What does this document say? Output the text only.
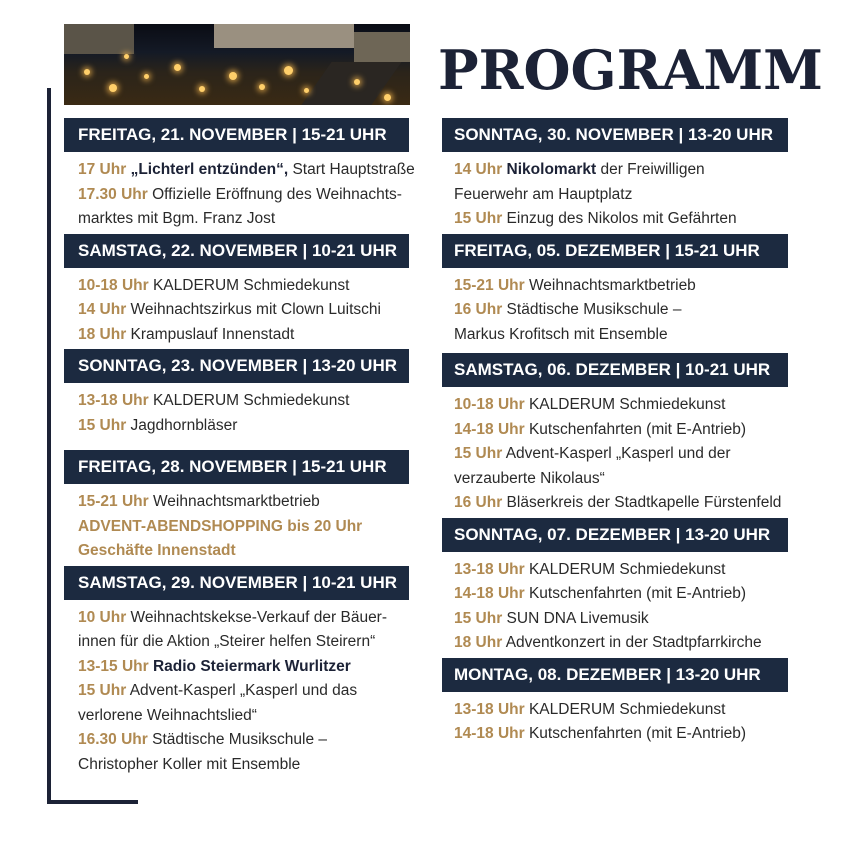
PROGRAMM
FREITAG, 21. NOVEMBER | 15-21 UHR
17 Uhr „Lichterl entzünden“, Start Hauptstraße
17.30 Uhr Offizielle Eröffnung des Weihnachts-
marktes mit Bgm. Franz Jost
SAMSTAG, 22. NOVEMBER | 10-21 UHR
10-18 Uhr KALDERUM Schmiedekunst
14 Uhr Weihnachtszirkus mit Clown Luitschi
18 Uhr Krampuslauf Innenstadt
SONNTAG, 23. NOVEMBER | 13-20 UHR
13-18 Uhr KALDERUM Schmiedekunst
15 Uhr Jagdhornbläser
FREITAG, 28. NOVEMBER | 15-21 UHR
15-21 Uhr Weihnachtsmarktbetrieb
ADVENT-ABENDSHOPPING bis 20 Uhr
Geschäfte Innenstadt
SAMSTAG, 29. NOVEMBER | 10-21 UHR
10 Uhr Weihnachtskekse-Verkauf der Bäuer-
innen für die Aktion „Steirer helfen Steirern“
13-15 Uhr Radio Steiermark Wurlitzer
15 Uhr Advent-Kasperl „Kasperl und das
verlorene Weihnachtslied“
16.30 Uhr Städtische Musikschule –
Christopher Koller mit Ensemble
SONNTAG, 30. NOVEMBER | 13-20 UHR
14 Uhr Nikolomarkt der Freiwilligen
Feuerwehr am Hauptplatz
15 Uhr Einzug des Nikolos mit Gefährten
FREITAG, 05. DEZEMBER | 15-21 UHR
15-21 Uhr Weihnachtsmarktbetrieb
16 Uhr Städtische Musikschule –
Markus Krofitsch mit Ensemble
SAMSTAG, 06. DEZEMBER | 10-21 UHR
10-18 Uhr KALDERUM Schmiedekunst
14-18 Uhr Kutschenfahrten (mit E-Antrieb)
15 Uhr Advent-Kasperl „Kasperl und der
verzauberte Nikolaus“
16 Uhr Bläserkreis der Stadtkapelle Fürstenfeld
SONNTAG, 07. DEZEMBER | 13-20 UHR
13-18 Uhr KALDERUM Schmiedekunst
14-18 Uhr Kutschenfahrten (mit E-Antrieb)
15 Uhr SUN DNA Livemusik
18 Uhr Adventkonzert in der Stadtpfarrkirche
MONTAG, 08. DEZEMBER | 13-20 UHR
13-18 Uhr KALDERUM Schmiedekunst
14-18 Uhr Kutschenfahrten (mit E-Antrieb)
